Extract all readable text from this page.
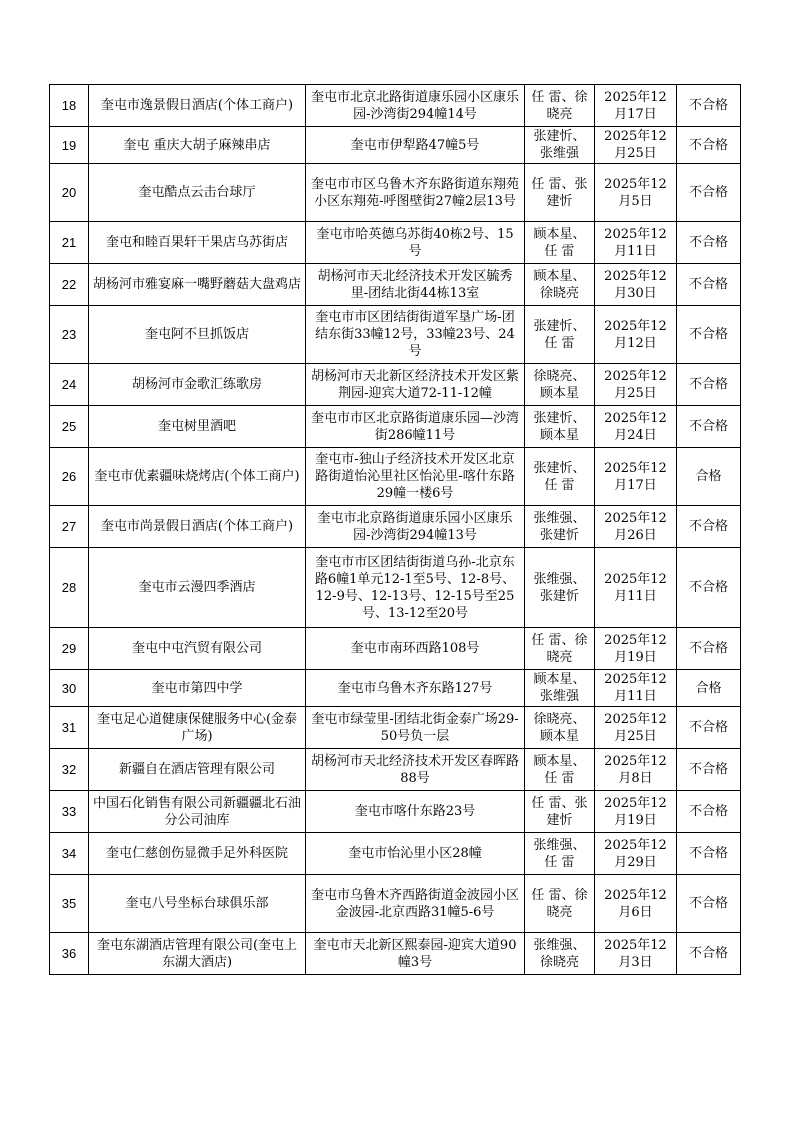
18	奎屯市逸景假日酒店(个体工商户)	奎屯市北京北路街道康乐园小区康乐园-沙湾街294幢14号	任 雷、徐晓亮	2025年12月17日	不合格
19	奎屯 重庆大胡子麻辣串店	奎屯市伊犁路47幢5号	张建忻、张维强	2025年12月25日	不合格
20	奎屯酷点云击台球厅	奎屯市市区乌鲁木齐东路街道东翔苑小区东翔苑-呼图壁街27幢2层13号	任 雷、张建忻	2025年12月5日	不合格
21	奎屯和睦百果轩干果店乌苏街店	奎屯市哈英德乌苏街40栋2号、15号	顾本星、任 雷	2025年12月11日	不合格
22	胡杨河市雅宴麻一嘴野蘑菇大盘鸡店	胡杨河市天北经济技术开发区毓秀里-团结北街44栋13室	顾本星、徐晓亮	2025年12月30日	不合格
23	奎屯阿不旦抓饭店	奎屯市市区团结街街道军垦广场-团结东街33幢12号，33幢23号、24号	张建忻、任 雷	2025年12月12日	不合格
24	胡杨河市金歌汇练歌房	胡杨河市天北新区经济技术开发区紫荆园-迎宾大道72-11-12幢	徐晓亮、顾本星	2025年12月25日	不合格
25	奎屯树里酒吧	奎屯市市区北京路街道康乐园—沙湾街286幢11号	张建忻、顾本星	2025年12月24日	不合格
26	奎屯市优素疆味烧烤店(个体工商户)	奎屯市-独山子经济技术开发区北京路街道怡沁里社区怡沁里-喀什东路29幢一楼6号	张建忻、任 雷	2025年12月17日	合格
27	奎屯市尚景假日酒店(个体工商户)	奎屯市北京路街道康乐园小区康乐园-沙湾街294幢13号	张维强、张建忻	2025年12月26日	不合格
28	奎屯市云漫四季酒店	奎屯市市区团结街街道乌孙-北京东路6幢1单元12-1至5号、12-8号、12-9号、12-13号、12-15号至25号、13-12至20号	张维强、张建忻	2025年12月11日	不合格
29	奎屯中屯汽贸有限公司	奎屯市南环西路108号	任 雷、徐晓亮	2025年12月19日	不合格
30	奎屯市第四中学	奎屯市乌鲁木齐东路127号	顾本星、张维强	2025年12月11日	合格
31	奎屯足心道健康保健服务中心(金泰广场)	奎屯市绿莹里-团结北街金泰广场29-50号负一层	徐晓亮、顾本星	2025年12月25日	不合格
32	新疆自在酒店管理有限公司	胡杨河市天北经济技术开发区春晖路88号	顾本星、任 雷	2025年12月8日	不合格
33	中国石化销售有限公司新疆疆北石油分公司油库	奎屯市喀什东路23号	任 雷、张建忻	2025年12月19日	不合格
34	奎屯仁慈创伤显微手足外科医院	奎屯市怡沁里小区28幢	张维强、任 雷	2025年12月29日	不合格
35	奎屯八号坐标台球俱乐部	奎屯市乌鲁木齐西路街道金波园小区金波园-北京西路31幢5-6号	任 雷、徐晓亮	2025年12月6日	不合格
36	奎屯东湖酒店管理有限公司(奎屯上东湖大酒店)	奎屯市天北新区熙泰园-迎宾大道90幢3号	张维强、徐晓亮	2025年12月3日	不合格
